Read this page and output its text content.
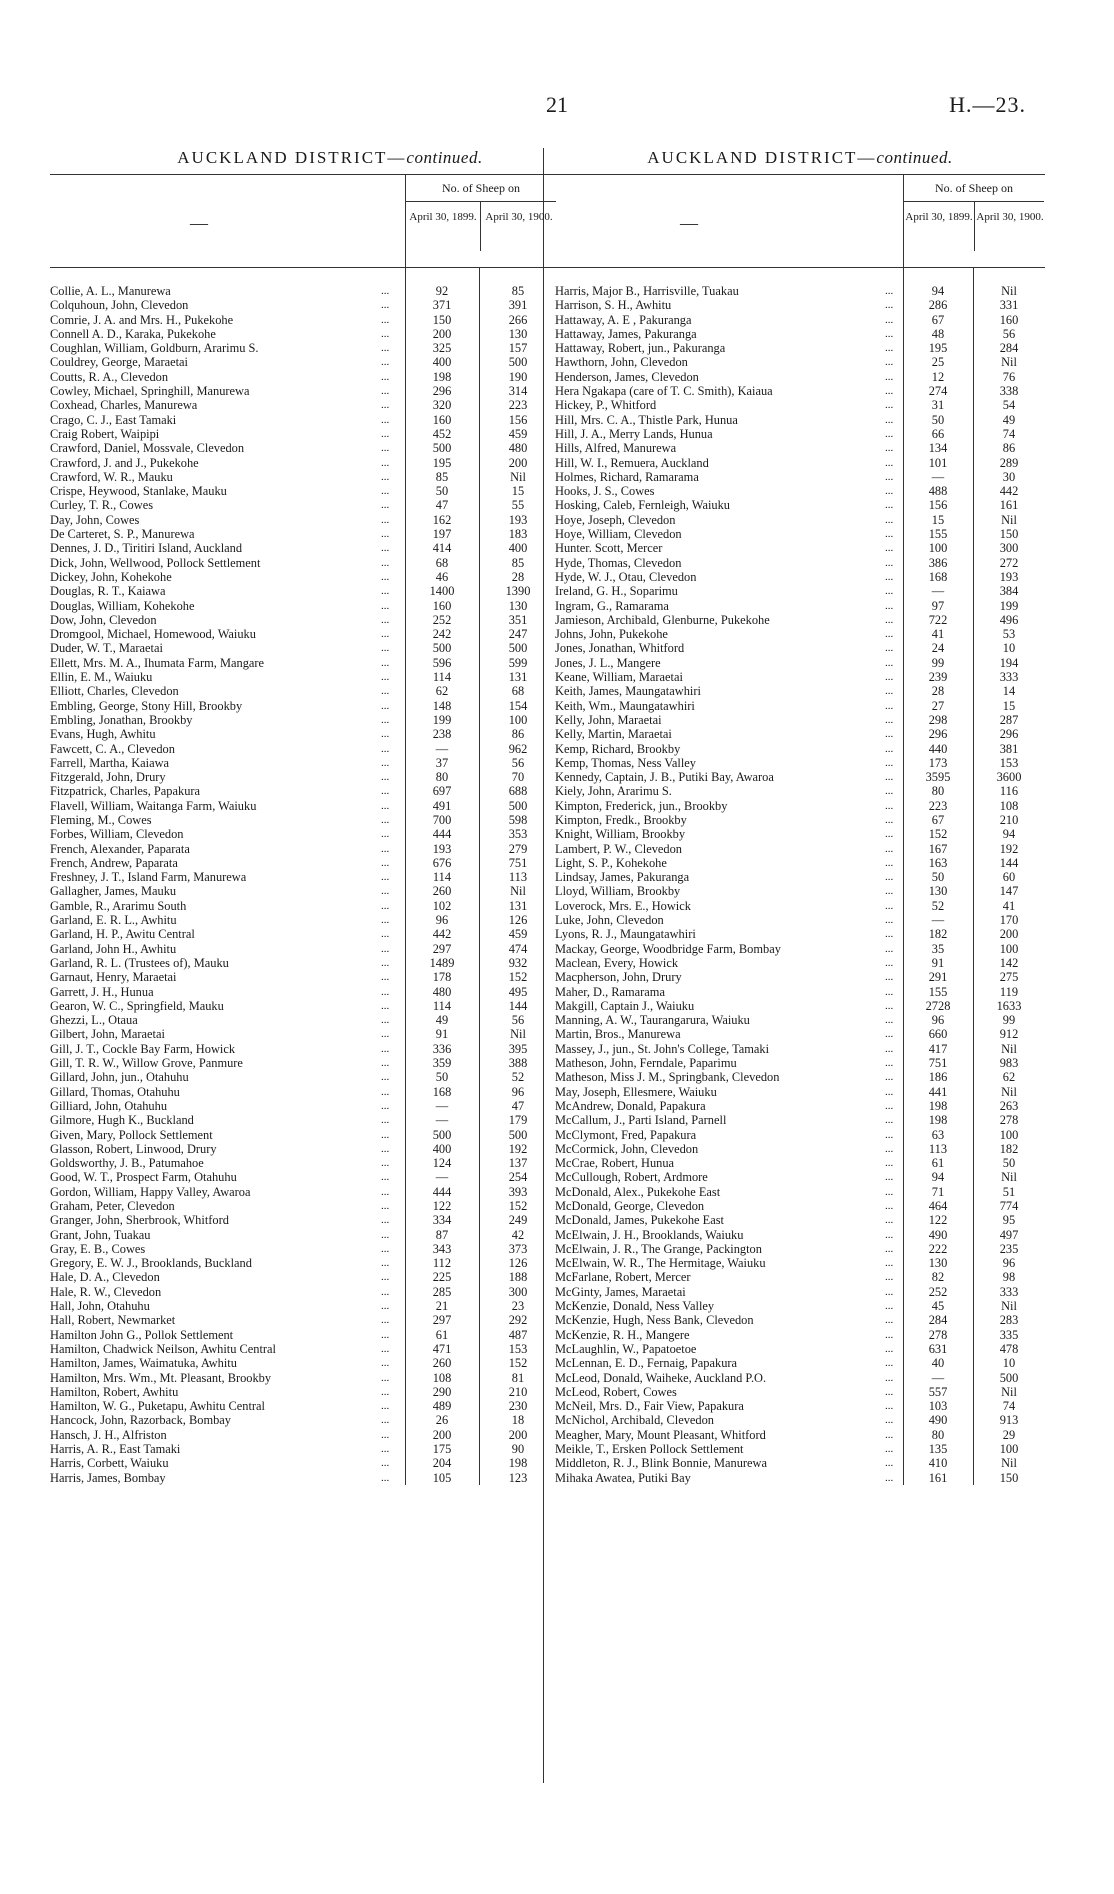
21	H.—23.
AUCKLAND DISTRICT—continued.
—
No. of Sheep on
April 30, 1899. April 30, 1900.
Collie, A. L., Manurewa	...	92	85
Colquhoun, John, Clevedon	...	371	391
Comrie, J. A. and Mrs. H., Pukekohe	...	150	266
Connell A. D., Karaka, Pukekohe	...	200	130
Coughlan, William, Goldburn, Ararimu S.	...	325	157
Couldrey, George, Maraetai	...	400	500
Coutts, R. A., Clevedon	...	198	190
Cowley, Michael, Springhill, Manurewa	...	296	314
Coxhead, Charles, Manurewa	...	320	223
Crago, C. J., East Tamaki	...	160	156
Craig Robert, Waipipi	...	452	459
Crawford, Daniel, Mossvale, Clevedon	...	500	480
Crawford, J. and J., Pukekohe	...	195	200
Crawford, W. R., Mauku	...	85	Nil
Crispe, Heywood, Stanlake, Mauku	...	50	15
Curley, T. R., Cowes	...	47	55
Day, John, Cowes	...	162	193
De Carteret, S. P., Manurewa	...	197	183
Dennes, J. D., Tiritiri Island, Auckland	...	414	400
Dick, John, Wellwood, Pollock Settlement	...	68	85
Dickey, John, Kohekohe	...	46	28
Douglas, R. T., Kaiawa	...	1400	1390
Douglas, William, Kohekohe	...	160	130
Dow, John, Clevedon	...	252	351
Dromgool, Michael, Homewood, Waiuku	...	242	247
Duder, W. T., Maraetai	...	500	500
Ellett, Mrs. M. A., Ihumata Farm, Mangare	...	596	599
Ellin, E. M., Waiuku	...	114	131
Elliott, Charles, Clevedon	...	62	68
Embling, George, Stony Hill, Brookby	...	148	154
Embling, Jonathan, Brookby	...	199	100
Evans, Hugh, Awhitu	...	238	86
Fawcett, C. A., Clevedon	...	—	962
Farrell, Martha, Kaiawa	...	37	56
Fitzgerald, John, Drury	...	80	70
Fitzpatrick, Charles, Papakura	...	697	688
Flavell, William, Waitanga Farm, Waiuku	...	491	500
Fleming, M., Cowes	...	700	598
Forbes, William, Clevedon	...	444	353
French, Alexander, Paparata	...	193	279
French, Andrew, Paparata	...	676	751
Freshney, J. T., Island Farm, Manurewa	...	114	113
Gallagher, James, Mauku	...	260	Nil
Gamble, R., Ararimu South	...	102	131
Garland, E. R. L., Awhitu	...	96	126
Garland, H. P., Awitu Central	...	442	459
Garland, John H., Awhitu	...	297	474
Garland, R. L. (Trustees of), Mauku	...	1489	932
Garnaut, Henry, Maraetai	...	178	152
Garrett, J. H., Hunua	...	480	495
Gearon, W. C., Springfield, Mauku	...	114	144
Ghezzi, L., Otaua	...	49	56
Gilbert, John, Maraetai	...	91	Nil
Gill, J. T., Cockle Bay Farm, Howick	...	336	395
Gill, T. R. W., Willow Grove, Panmure	...	359	388
Gillard, John, jun., Otahuhu	...	50	52
Gillard, Thomas, Otahuhu	...	168	96
Gilliard, John, Otahuhu	...	—	47
Gilmore, Hugh K., Buckland	...	—	179
Given, Mary, Pollock Settlement	...	500	500
Glasson, Robert, Linwood, Drury	...	400	192
Goldsworthy, J. B., Patumahoe	...	124	137
Good, W. T., Prospect Farm, Otahuhu	...	—	254
Gordon, William, Happy Valley, Awaroa	...	444	393
Graham, Peter, Clevedon	...	122	152
Granger, John, Sherbrook, Whitford	...	334	249
Grant, John, Tuakau	...	87	42
Gray, E. B., Cowes	...	343	373
Gregory, E. W. J., Brooklands, Buckland	...	112	126
Hale, D. A., Clevedon	...	225	188
Hale, R. W., Clevedon	...	285	300
Hall, John, Otahuhu	...	21	23
Hall, Robert, Newmarket	...	297	292
Hamilton John G., Pollok Settlement	...	61	487
Hamilton, Chadwick Neilson, Awhitu Central	...	471	153
Hamilton, James, Waimatuka, Awhitu	...	260	152
Hamilton, Mrs. Wm., Mt. Pleasant, Brookby	...	108	81
Hamilton, Robert, Awhitu	...	290	210
Hamilton, W. G., Puketapu, Awhitu Central	...	489	230
Hancock, John, Razorback, Bombay	...	26	18
Hansch, J. H., Alfriston	...	200	200
Harris, A. R., East Tamaki	...	175	90
Harris, Corbett, Waiuku	...	204	198
Harris, James, Bombay	...	105	123
AUCKLAND DISTRICT—continued.
—
No. of Sheep on
April 30, 1899. April 30, 1900.
Harris, Major B., Harrisville, Tuakau	...	94	Nil
Harrison, S. H., Awhitu	...	286	331
Hattaway, A. E , Pakuranga	...	67	160
Hattaway, James, Pakuranga	...	48	56
Hattaway, Robert, jun., Pakuranga	...	195	284
Hawthorn, John, Clevedon	...	25	Nil
Henderson, James, Clevedon	...	12	76
Hera Ngakapa (care of T. C. Smith), Kaiaua	...	274	338
Hickey, P., Whitford	...	31	54
Hill, Mrs. C. A., Thistle Park, Hunua	...	50	49
Hill, J. A., Merry Lands, Hunua	...	66	74
Hills, Alfred, Manurewa	...	134	86
Hill, W. I., Remuera, Auckland	...	101	289
Holmes, Richard, Ramarama	...	—	30
Hooks, J. S., Cowes	...	488	442
Hosking, Caleb, Fernleigh, Waiuku	...	156	161
Hoye, Joseph, Clevedon	...	15	Nil
Hoye, William, Clevedon	...	155	150
Hunter. Scott, Mercer	...	100	300
Hyde, Thomas, Clevedon	...	386	272
Hyde, W. J., Otau, Clevedon	...	168	193
Ireland, G. H., Soparimu	...	—	384
Ingram, G., Ramarama	...	97	199
Jamieson, Archibald, Glenburne, Pukekohe	...	722	496
Johns, John, Pukekohe	...	41	53
Jones, Jonathan, Whitford	...	24	10
Jones, J. L., Mangere	...	99	194
Keane, William, Maraetai	...	239	333
Keith, James, Maungatawhiri	...	28	14
Keith, Wm., Maungatawhiri	...	27	15
Kelly, John, Maraetai	...	298	287
Kelly, Martin, Maraetai	...	296	296
Kemp, Richard, Brookby	...	440	381
Kemp, Thomas, Ness Valley	...	173	153
Kennedy, Captain, J. B., Putiki Bay, Awaroa	...	3595	3600
Kiely, John, Ararimu S.	...	80	116
Kimpton, Frederick, jun., Brookby	...	223	108
Kimpton, Fredk., Brookby	...	67	210
Knight, William, Brookby	...	152	94
Lambert, P. W., Clevedon	...	167	192
Light, S. P., Kohekohe	...	163	144
Lindsay, James, Pakuranga	...	50	60
Lloyd, William, Brookby	...	130	147
Loverock, Mrs. E., Howick	...	52	41
Luke, John, Clevedon	...	—	170
Lyons, R. J., Maungatawhiri	...	182	200
Mackay, George, Woodbridge Farm, Bombay	...	35	100
Maclean, Every, Howick	...	91	142
Macpherson, John, Drury	...	291	275
Maher, D., Ramarama	...	155	119
Makgill, Captain J., Waiuku	...	2728	1633
Manning, A. W., Taurangarura, Waiuku	...	96	99
Martin, Bros., Manurewa	...	660	912
Massey, J., jun., St. John's College, Tamaki	...	417	Nil
Matheson, John, Ferndale, Paparimu	...	751	983
Matheson, Miss J. M., Springbank, Clevedon	...	186	62
May, Joseph, Ellesmere, Waiuku	...	441	Nil
McAndrew, Donald, Papakura	...	198	263
McCallum, J., Parti Island, Parnell	...	198	278
McClymont, Fred, Papakura	...	63	100
McCormick, John, Clevedon	...	113	182
McCrae, Robert, Hunua	...	61	50
McCullough, Robert, Ardmore	...	94	Nil
McDonald, Alex., Pukekohe East	...	71	51
McDonald, George, Clevedon	...	464	774
McDonald, James, Pukekohe East	...	122	95
McElwain, J. H., Brooklands, Waiuku	...	490	497
McElwain, J. R., The Grange, Packington	...	222	235
McElwain, W. R., The Hermitage, Waiuku	...	130	96
McFarlane, Robert, Mercer	...	82	98
McGinty, James, Maraetai	...	252	333
McKenzie, Donald, Ness Valley	...	45	Nil
McKenzie, Hugh, Ness Bank, Clevedon	...	284	283
McKenzie, R. H., Mangere	...	278	335
McLaughlin, W., Papatoetoe	...	631	478
McLennan, E. D., Fernaig, Papakura	...	40	10
McLeod, Donald, Waiheke, Auckland P.O.	...	—	500
McLeod, Robert, Cowes	...	557	Nil
McNeil, Mrs. D., Fair View, Papakura	...	103	74
McNichol, Archibald, Clevedon	...	490	913
Meagher, Mary, Mount Pleasant, Whitford	...	80	29
Meikle, T., Ersken Pollock Settlement	...	135	100
Middleton, R. J., Blink Bonnie, Manurewa	...	410	Nil
Mihaka Awatea, Putiki Bay	...	161	150
